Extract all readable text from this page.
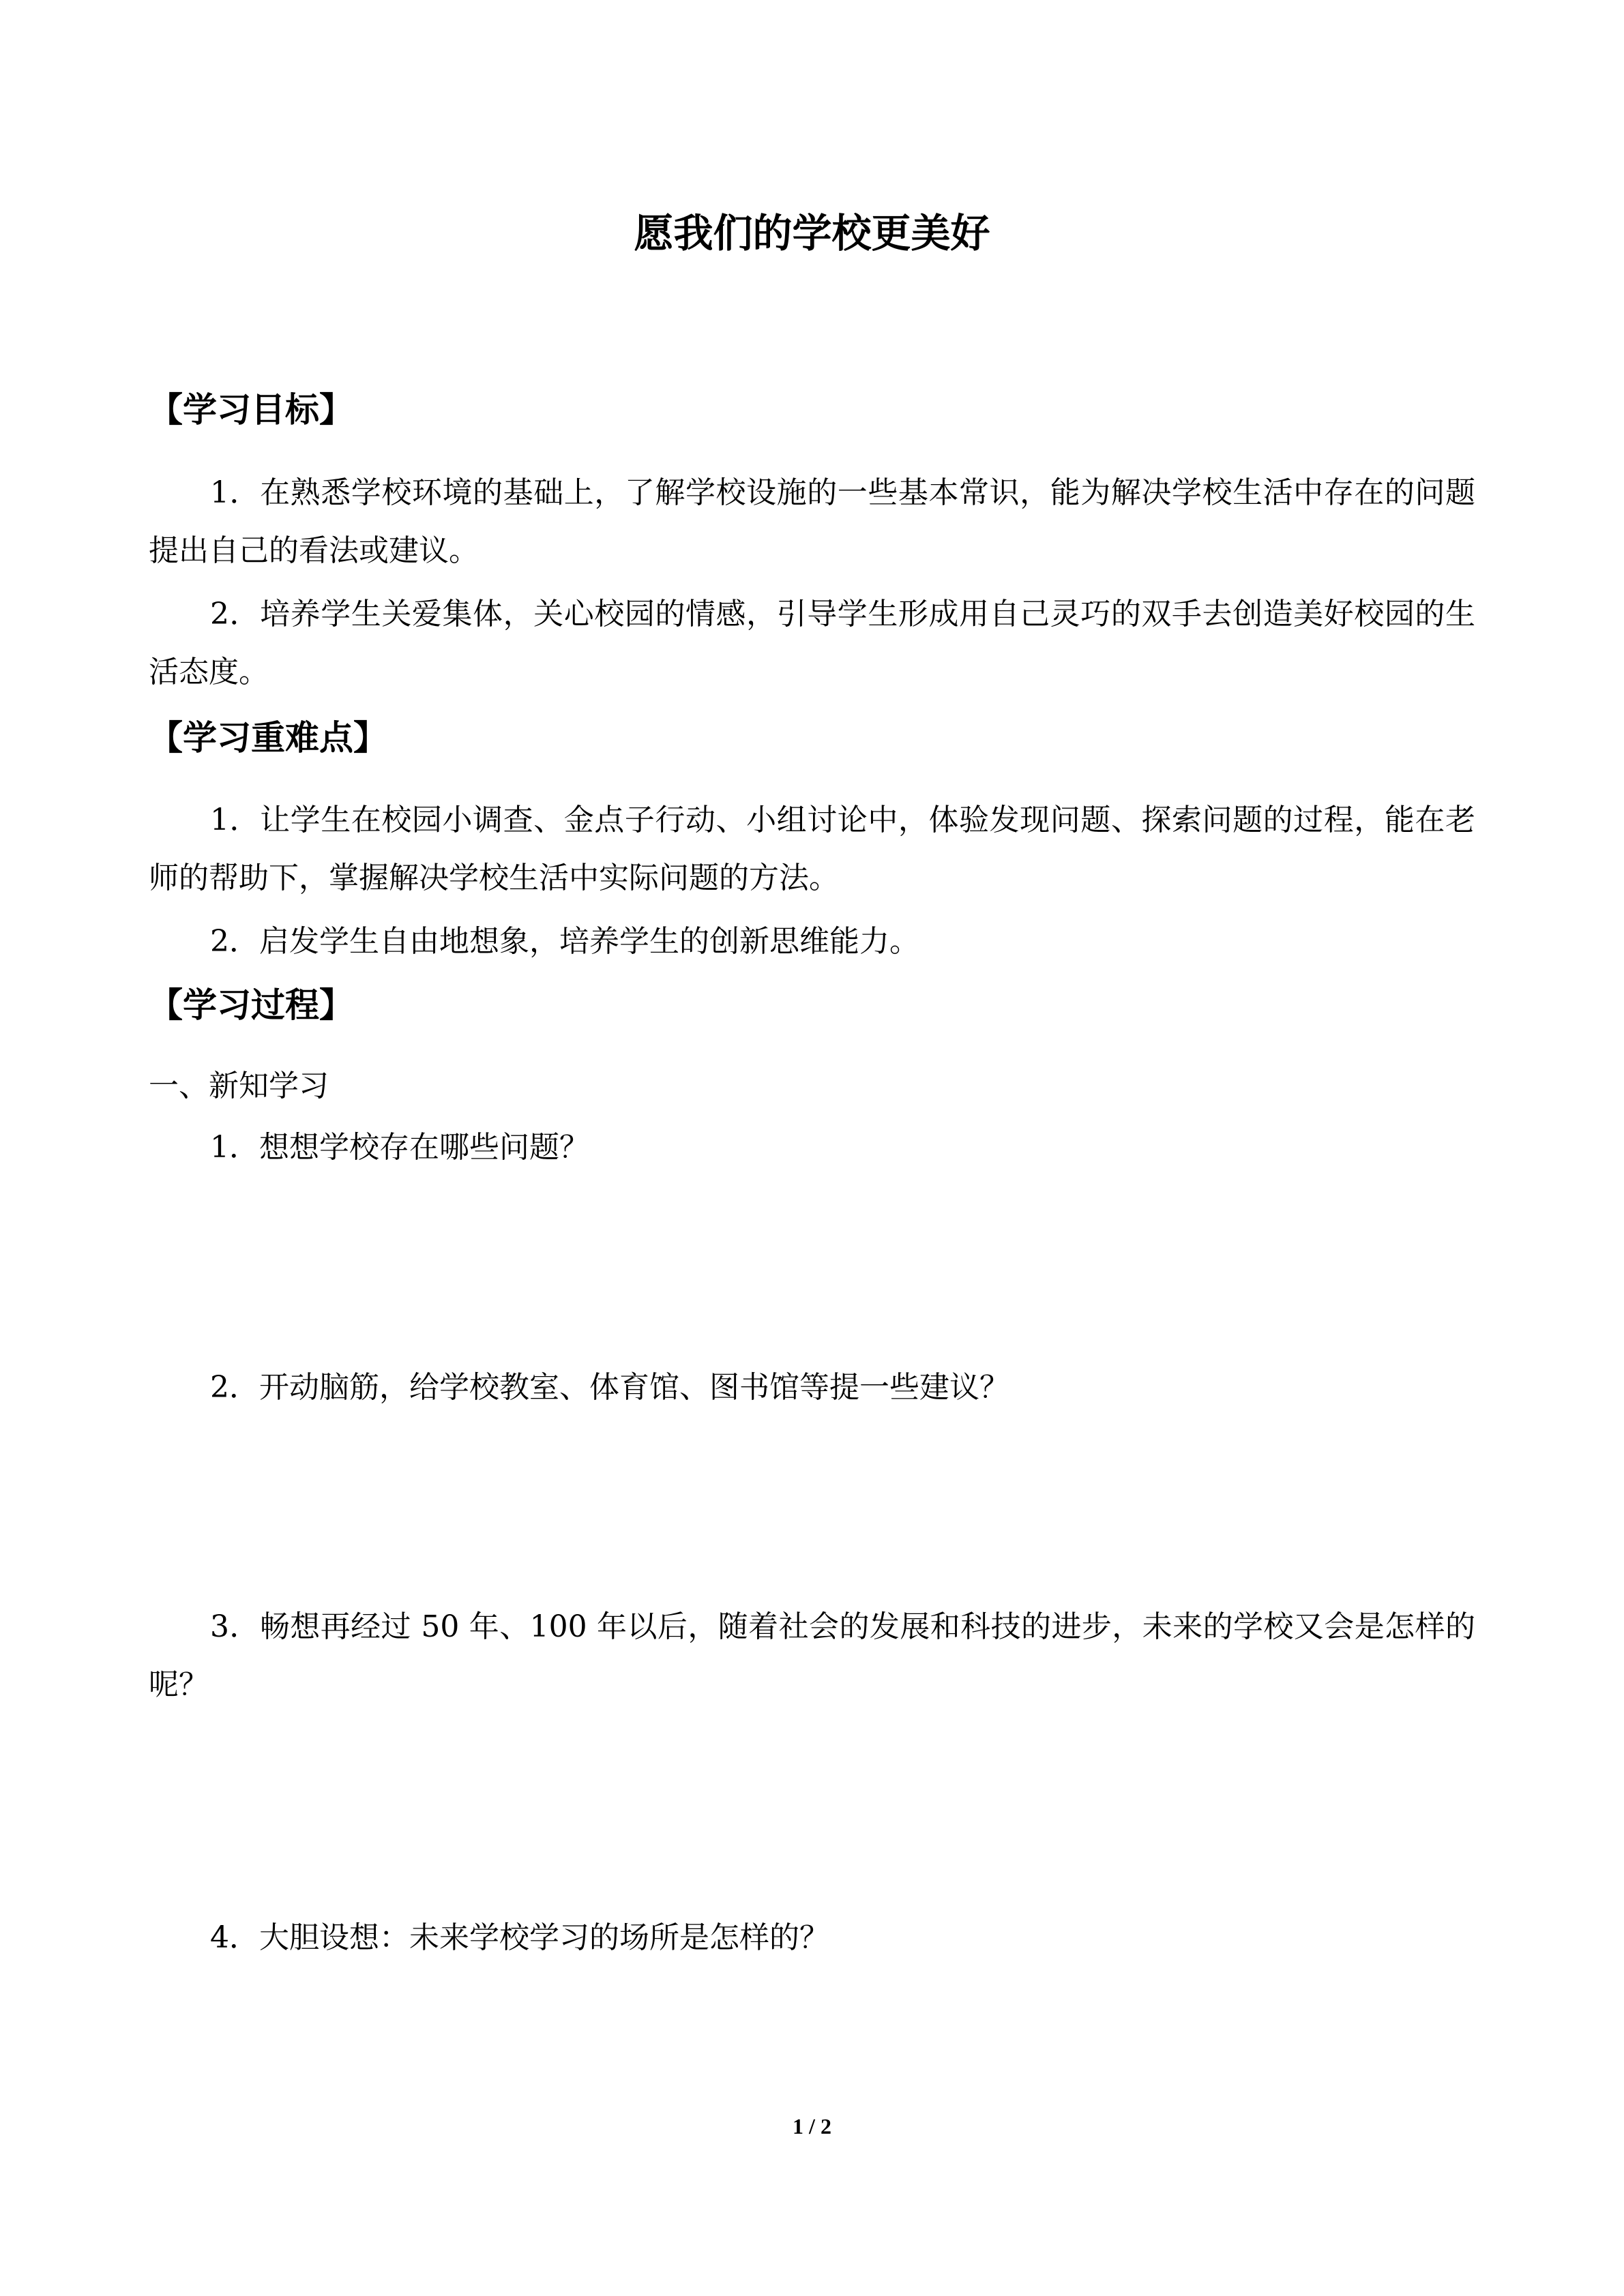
愿我们的学校更美好
【学习目标】
1．在熟悉学校环境的基础上，了解学校设施的一些基本常识，能为解决学校生活中存在的问题提出自己的看法或建议。
2．培养学生关爱集体，关心校园的情感，引导学生形成用自己灵巧的双手去创造美好校园的生活态度。
【学习重难点】
1．让学生在校园小调查、金点子行动、小组讨论中，体验发现问题、探索问题的过程，能在老师的帮助下，掌握解决学校生活中实际问题的方法。
2．启发学生自由地想象，培养学生的创新思维能力。
【学习过程】
一、新知学习
1．想想学校存在哪些问题？
2．开动脑筋，给学校教室、体育馆、图书馆等提一些建议？
3．畅想再经过 50 年、100 年以后，随着社会的发展和科技的进步，未来的学校又会是怎样的呢？
4．大胆设想：未来学校学习的场所是怎样的？
1 / 2
